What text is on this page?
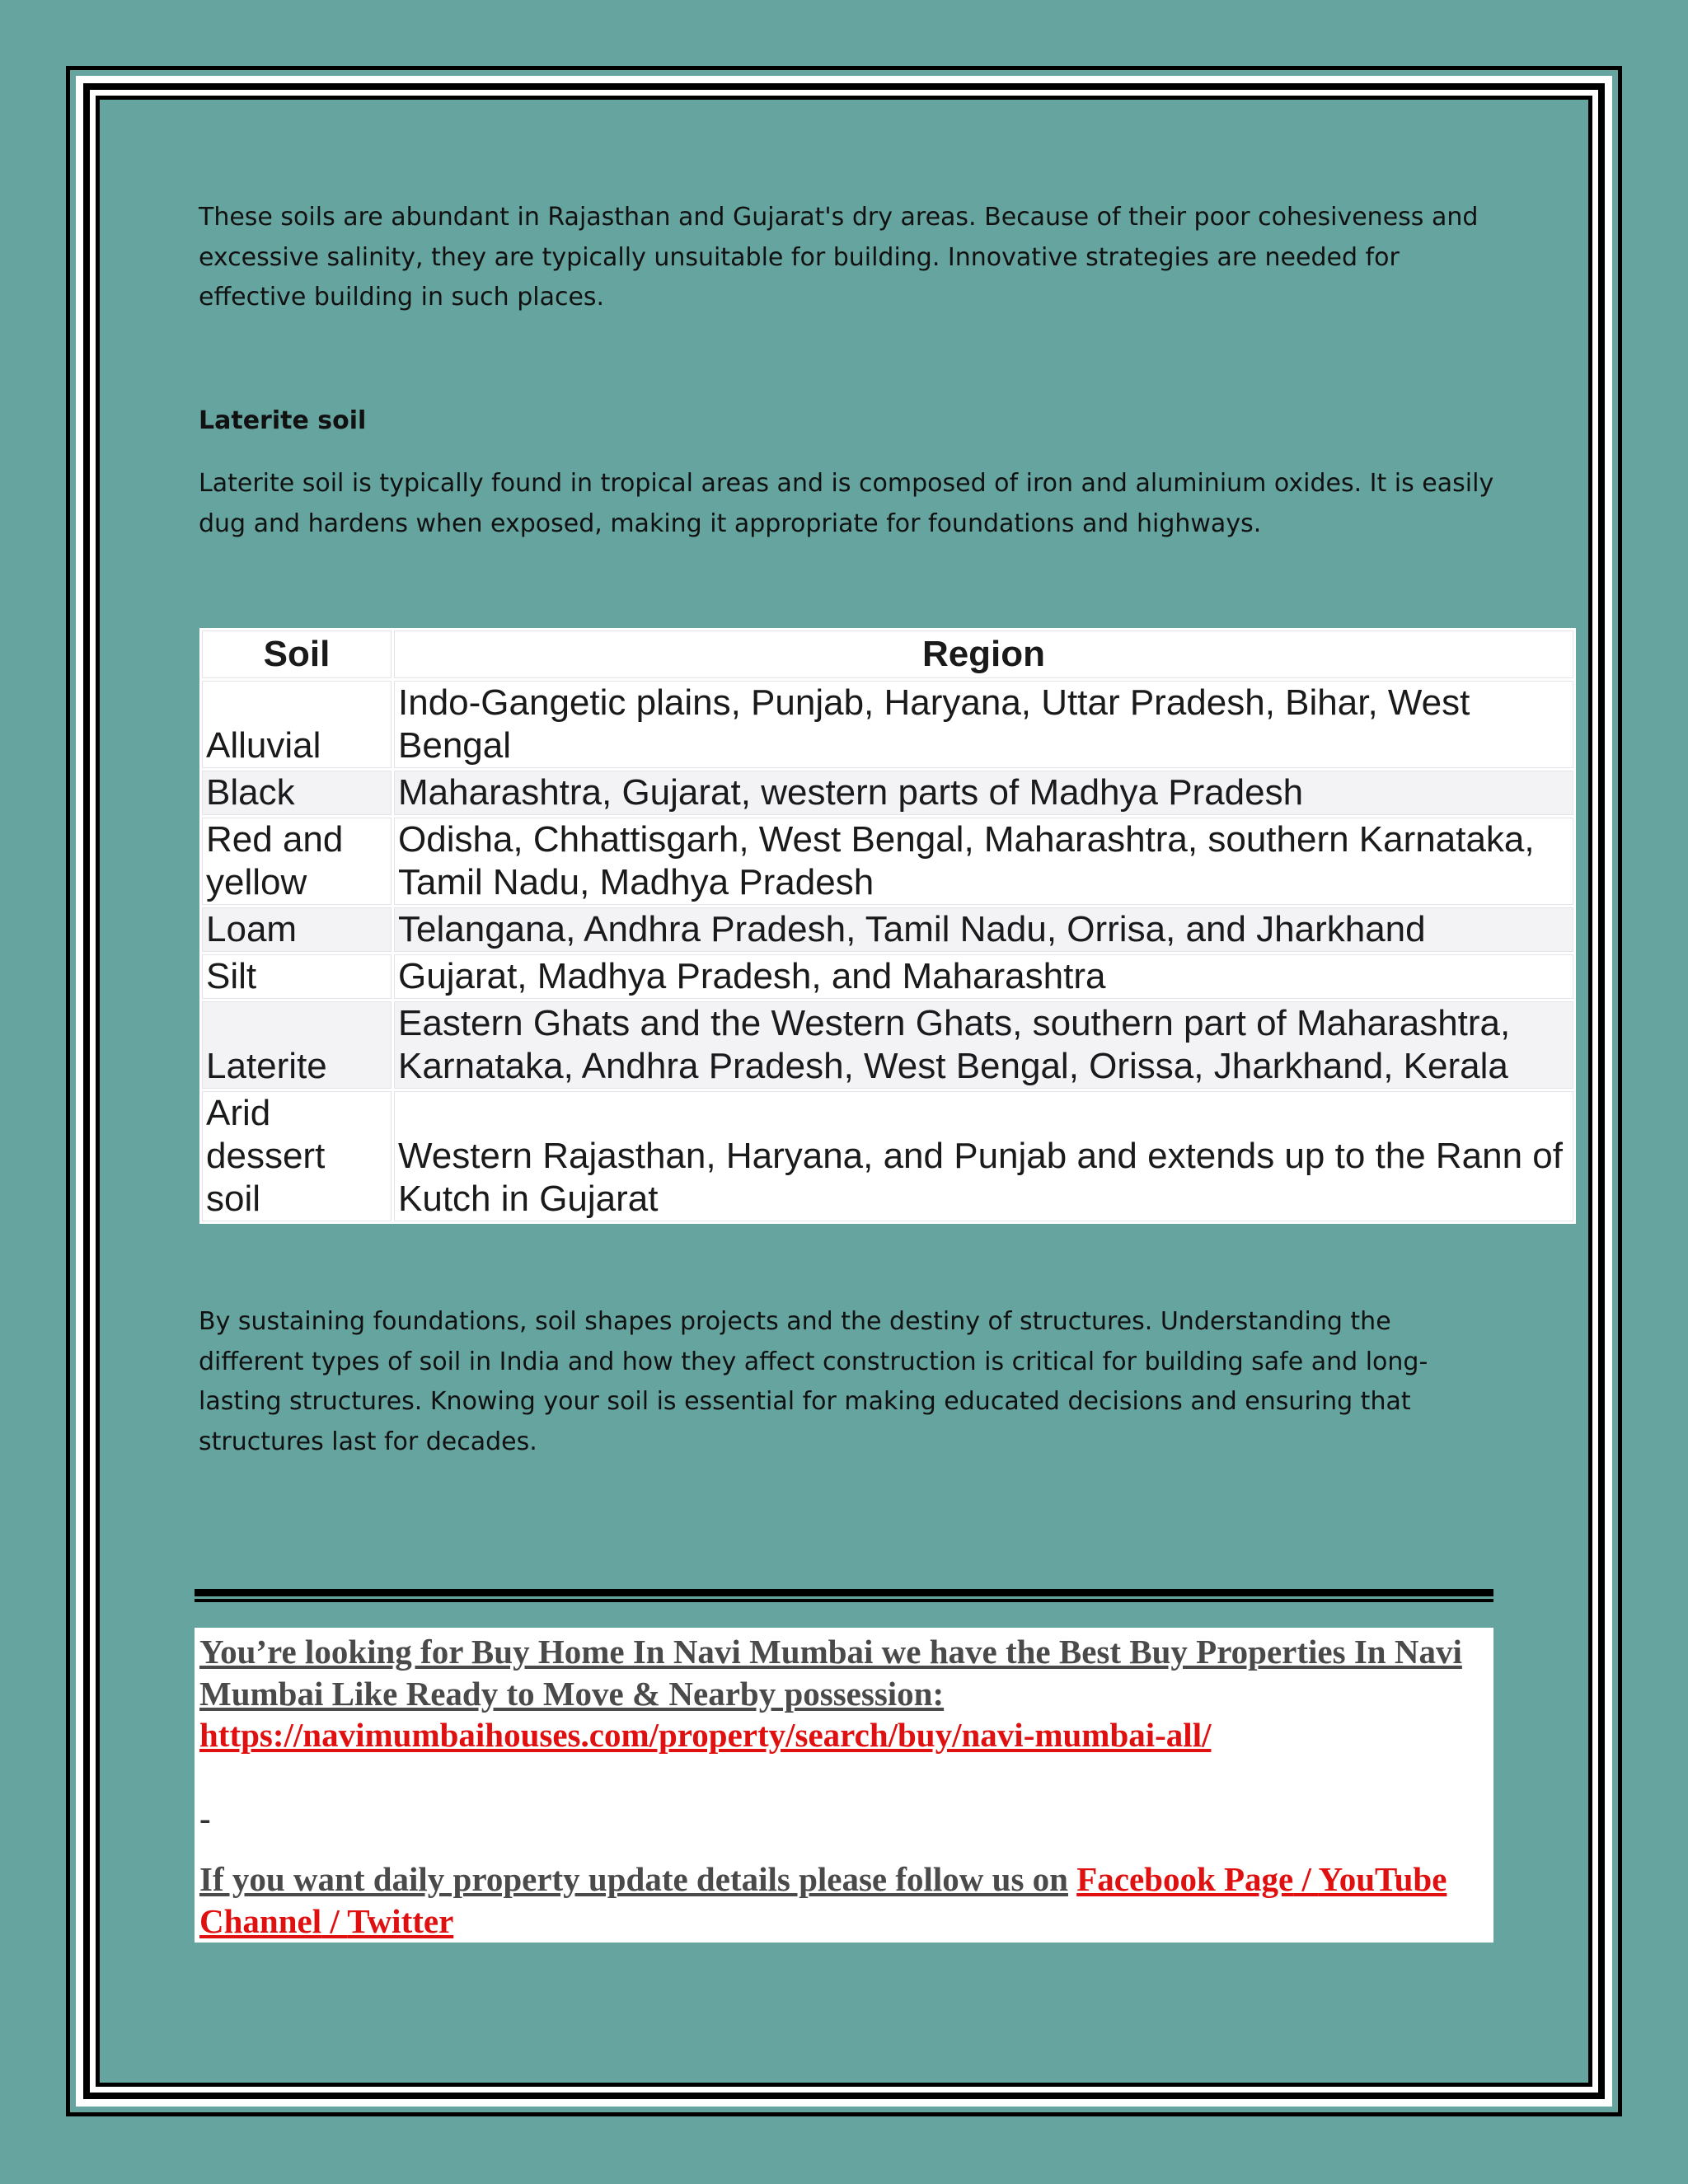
These soils are abundant in Rajasthan and Gujarat's dry areas. Because of their poor cohesiveness and excessive salinity, they are typically unsuitable for building. Innovative strategies are needed for effective building in such places.

Laterite soil

Laterite soil is typically found in tropical areas and is composed of iron and aluminium oxides. It is easily dug and hardens when exposed, making it appropriate for foundations and highways.

Soil	Region
Alluvial	Indo-Gangetic plains, Punjab, Haryana, Uttar Pradesh, Bihar, West Bengal
Black	Maharashtra, Gujarat, western parts of Madhya Pradesh
Red and yellow	Odisha, Chhattisgarh, West Bengal, Maharashtra, southern Karnataka, Tamil Nadu, Madhya Pradesh
Loam	Telangana, Andhra Pradesh, Tamil Nadu, Orrisa, and Jharkhand
Silt	Gujarat, Madhya Pradesh, and Maharashtra
Laterite	Eastern Ghats and the Western Ghats, southern part of Maharashtra, Karnataka, Andhra Pradesh, West Bengal, Orissa, Jharkhand, Kerala
Arid dessert soil	Western Rajasthan, Haryana, and Punjab and extends up to the Rann of Kutch in Gujarat

By sustaining foundations, soil shapes projects and the destiny of structures. Understanding the different types of soil in India and how they affect construction is critical for building safe and long-lasting structures. Knowing your soil is essential for making educated decisions and ensuring that structures last for decades.

You’re looking for Buy Home In Navi Mumbai we have the Best Buy Properties In Navi Mumbai Like Ready to Move & Nearby possession: https://navimumbaihouses.com/property/search/buy/navi-mumbai-all/
-
If you want daily property update details please follow us on Facebook Page / YouTube Channel / Twitter
